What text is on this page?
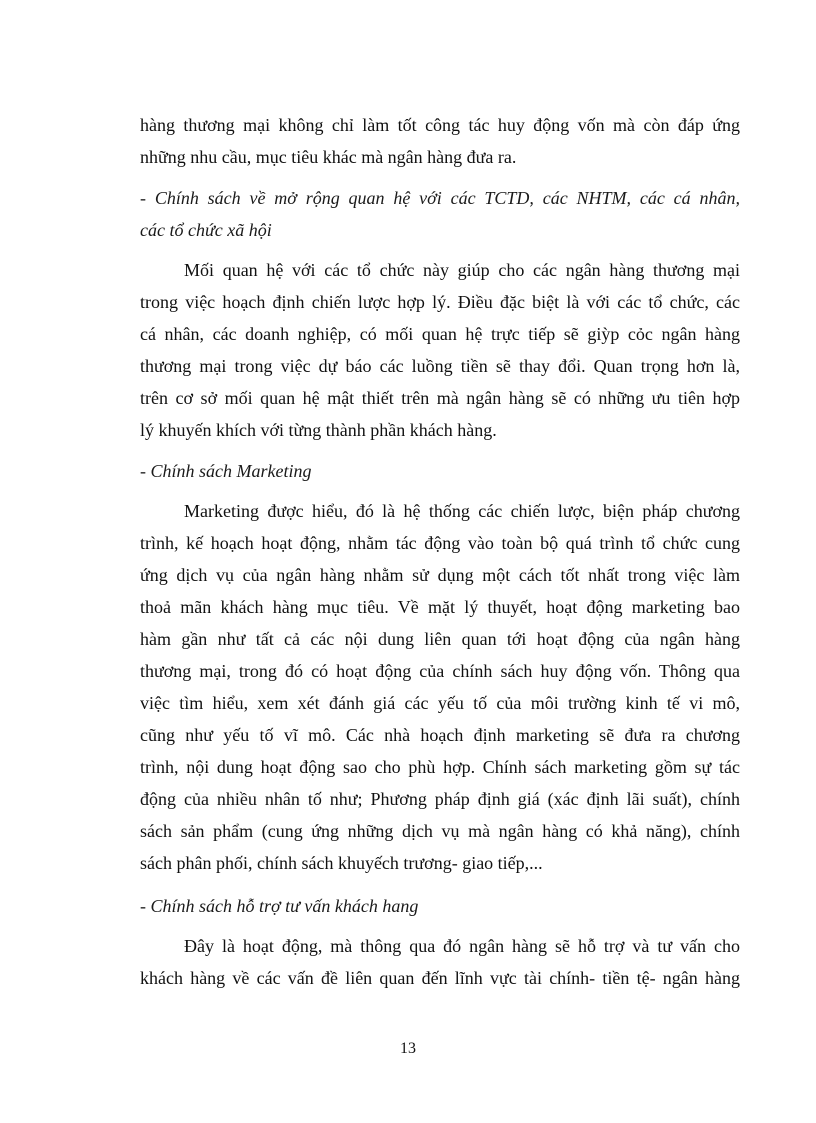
hàng thương mại không chỉ làm tốt công tác huy động vốn mà còn đáp ứng
những nhu cầu, mục tiêu khác mà ngân hàng đưa ra.
- Chính sách về mở rộng quan hệ với các TCTD, các NHTM, các cá nhân,
các tổ chức xã hội
Mối quan hệ với các tổ chức này giúp cho các ngân hàng thương mại
trong việc hoạch định chiến lược hợp lý. Điều đặc biệt là với các tổ chức, các
cá nhân, các doanh nghiệp, có mối quan hệ trực tiếp sẽ giỳp cỏc ngân hàng
thương mại trong việc dự báo các luồng tiền sẽ thay đổi. Quan trọng hơn là,
trên cơ sở mối quan hệ mật thiết trên mà ngân hàng sẽ có những ưu tiên hợp
lý khuyến khích với từng thành phần khách hàng.
- Chính sách Marketing
Marketing được hiểu, đó là hệ thống các chiến lược, biện pháp chương
trình, kế hoạch hoạt động, nhằm tác động vào toàn bộ quá trình tổ chức cung
ứng dịch vụ của ngân hàng nhằm sử dụng một cách tốt nhất trong việc làm
thoả mãn khách hàng mục tiêu. Về mặt lý thuyết, hoạt động marketing bao
hàm gần như tất cả các nội dung liên quan tới hoạt động của ngân hàng
thương mại, trong đó có hoạt động của chính sách huy động vốn. Thông qua
việc tìm hiểu, xem xét đánh giá các yếu tố của môi trường kinh tế vi mô,
cũng như yếu tố vĩ mô. Các nhà hoạch định marketing sẽ đưa ra chương
trình, nội dung hoạt động sao cho phù hợp. Chính sách marketing gồm sự tác
động của nhiều nhân tố như; Phương pháp định giá (xác định lãi suất), chính
sách sản phẩm (cung ứng những dịch vụ mà ngân hàng có khả năng), chính
sách phân phối, chính sách khuyếch trương- giao tiếp,...
- Chính sách hỗ trợ tư vấn khách hang
Đây là hoạt động, mà thông qua đó ngân hàng sẽ hỗ trợ và tư vấn cho
khách hàng về các vấn đề liên quan đến lĩnh vực tài chính- tiền tệ- ngân hàng
13
